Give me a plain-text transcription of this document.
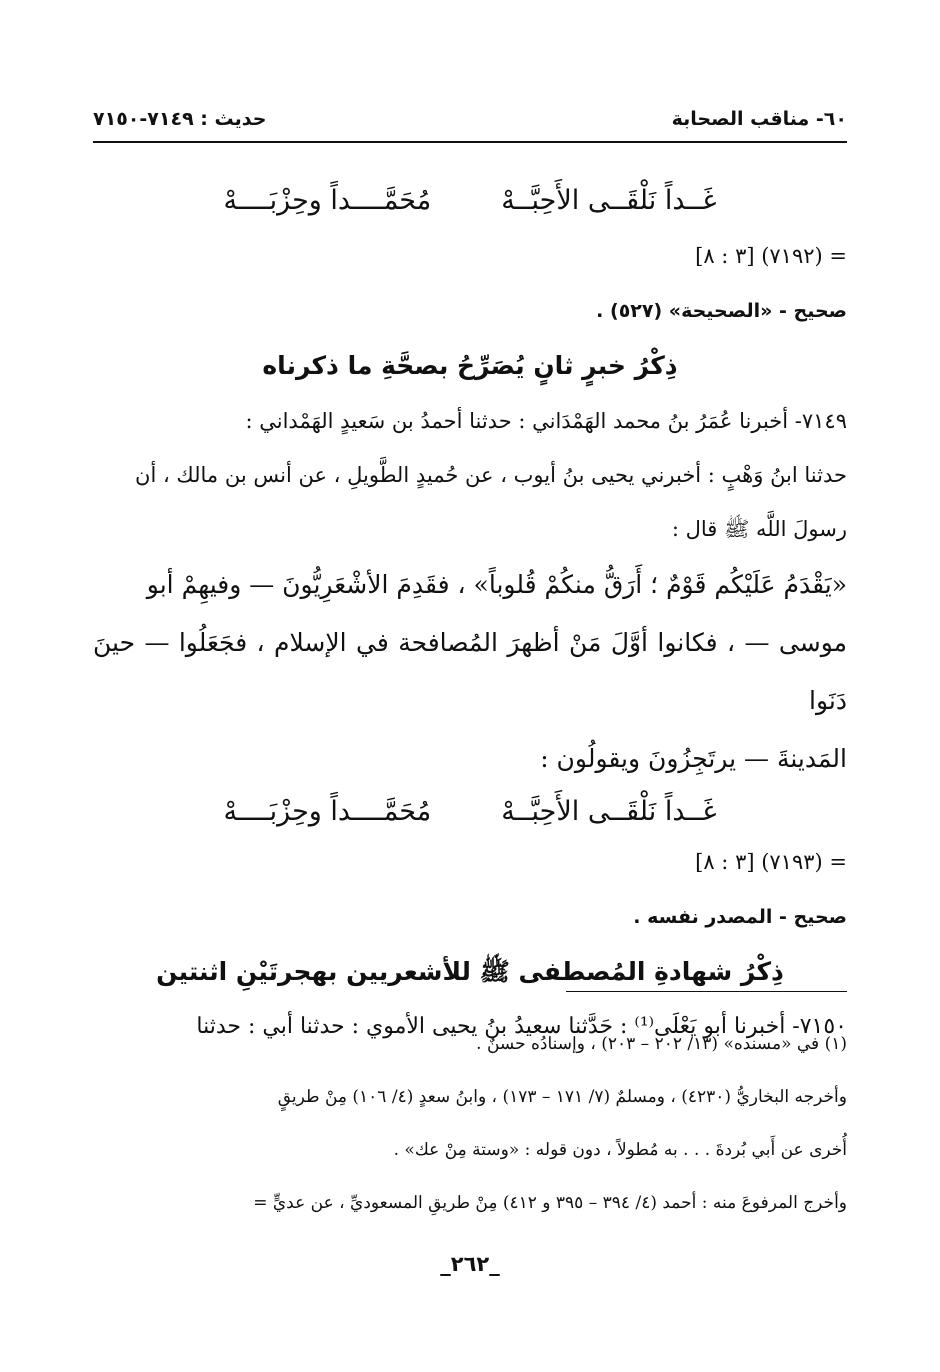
٦٠- مناقب الصحابة
حديث : ٧١٤٩-٧١٥٠
غَــداً نَلْقَــى الأَحِبَّــهْ
مُحَمَّــــداً وحِزْبَــــهْ
= (٧١٩٢) [٣ : ٨]
صحيح - «الصحيحة» (٥٢٧) .
ذِكْرُ خبرٍ ثانٍ يُصَرِّحُ بصحَّةِ ما ذكرناه
٧١٤٩- أخبرنا عُمَرُ بنُ محمد الهَمْدَاني : حدثنا أحمدُ بن سَعيدٍ الهَمْداني :
حدثنا ابنُ وَهْبٍ : أخبرني يحيى بنُ أيوب ، عن حُميدٍ الطَّويلِ ، عن أنس بن مالك ، أن
رسولَ اللَّه ﷺ قال :
«يَقْدَمُ عَلَيْكُم قَوْمٌ ؛ أَرَقُّ منكُمْ قُلوباً» ، فقَدِمَ الأشْعَرِيُّونَ — وفيهِمْ أبو
موسى — ، فكانوا أوَّلَ مَنْ أظهرَ المُصافحة في الإسلام ، فجَعَلُوا — حينَ دَنَوا
المَدينةَ — يرتَجِزُونَ ويقولُون :
غَــداً نَلْقَــى الأَحِبَّــهْ
مُحَمَّــــداً وحِزْبَــــهْ
= (٧١٩٣) [٣ : ٨]
صحيح - المصدر نفسه .
ذِكْرُ شهادةِ المُصطفى ﷺ للأشعريين بهجرتَيْنِ اثنتين
٧١٥٠- أخبرنا أبو يَعْلَى⁽¹⁾ : حَدَّثنا سعيدُ بنُ يحيى الأموي : حدثنا أبي : حدثنا
(١) في «مسنده» (١٣/ ٢٠٢ – ٢٠٣) ، وإسنادُه حسنٌ .
وأخرجه البخاريُّ (٤٢٣٠) ، ومسلمٌ (٧/ ١٧١ – ١٧٣) ، وابنُ سعدٍ (٤/ ١٠٦) مِنْ طريقٍ
أُخرى عن أَبي بُردةَ . . . به مُطولاً ، دون قوله : «وستة مِنْ عك» .
وأخرج المرفوعَ منه : أحمد (٤/ ٣٩٤ – ٣٩٥ و ٤١٢) مِنْ طريقِ المسعوديِّ ، عن عديٍّ =
_٢٦٢_
